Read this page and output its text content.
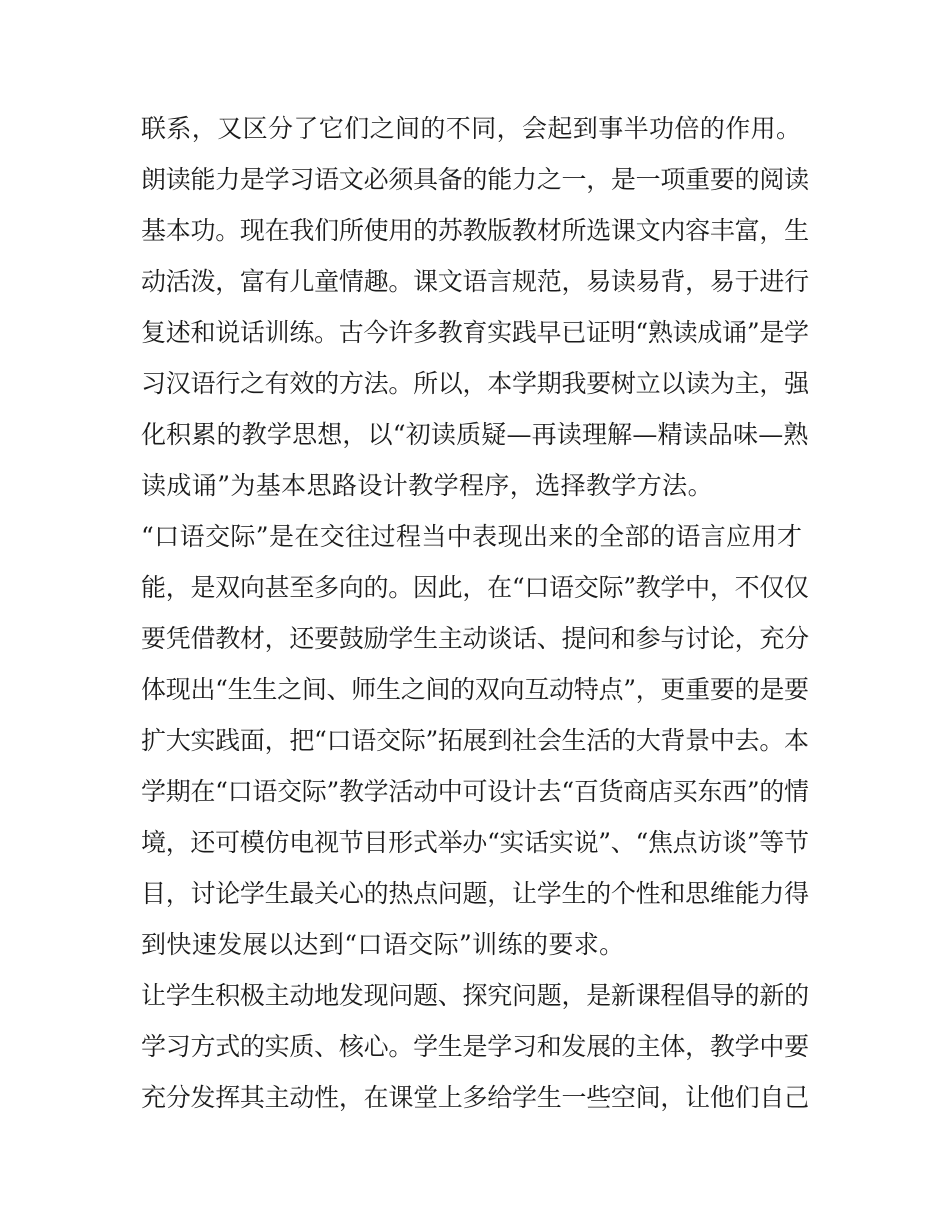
联系，又区分了它们之间的不同，会起到事半功倍的作用。
朗读能力是学习语文必须具备的能力之一，是一项重要的阅读
基本功。现在我们所使用的苏教版教材所选课文内容丰富，生
动活泼，富有儿童情趣。课文语言规范，易读易背，易于进行
复述和说话训练。古今许多教育实践早已证明“熟读成诵”是学
习汉语行之有效的方法。所以，本学期我要树立以读为主，强
化积累的教学思想，以“初读质疑—再读理解—精读品味—熟
读成诵”为基本思路设计教学程序，选择教学方法。
“口语交际”是在交往过程当中表现出来的全部的语言应用才
能，是双向甚至多向的。因此，在“口语交际”教学中，不仅仅
要凭借教材，还要鼓励学生主动谈话、提问和参与讨论，充分
体现出“生生之间、师生之间的双向互动特点”，更重要的是要
扩大实践面，把“口语交际”拓展到社会生活的大背景中去。本
学期在“口语交际”教学活动中可设计去“百货商店买东西”的情
境，还可模仿电视节目形式举办“实话实说”、“焦点访谈”等节
目，讨论学生最关心的热点问题，让学生的个性和思维能力得
到快速发展以达到“口语交际”训练的要求。
让学生积极主动地发现问题、探究问题，是新课程倡导的新的
学习方式的实质、核心。学生是学习和发展的主体，教学中要
充分发挥其主动性，在课堂上多给学生一些空间，让他们自己
